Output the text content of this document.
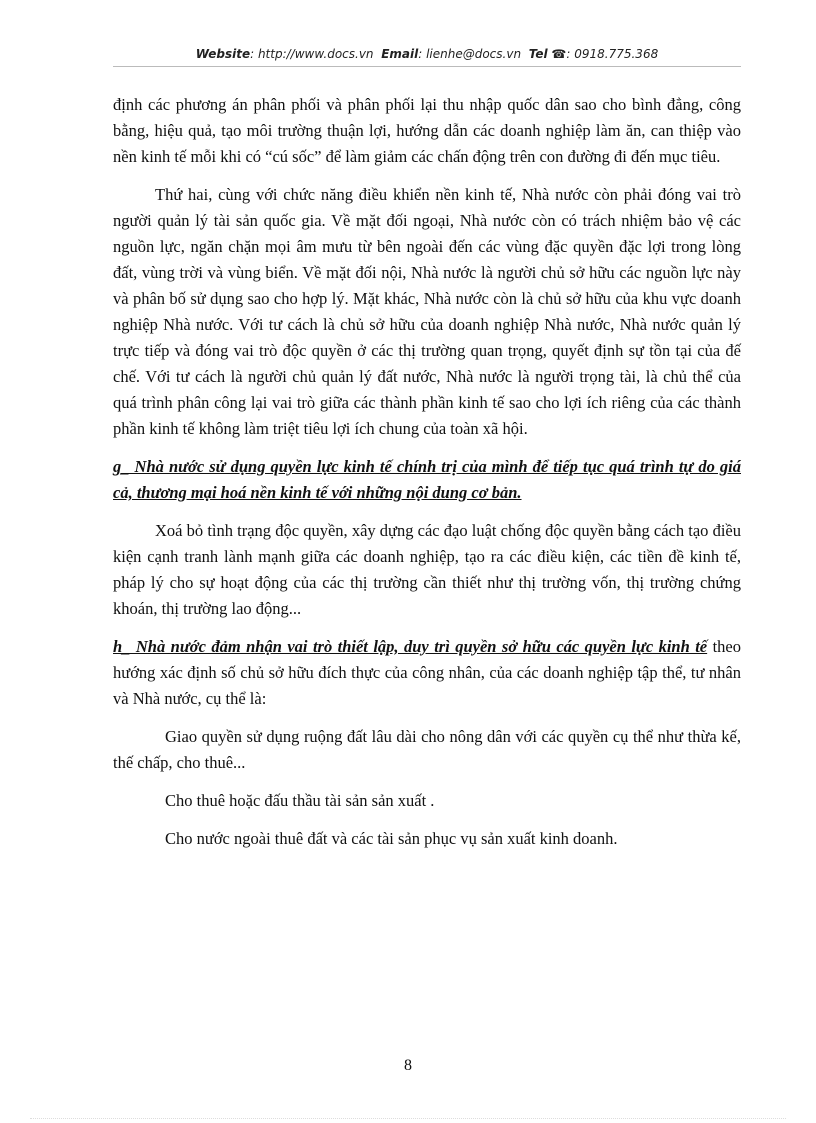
Website: http://www.docs.vn Email: lienhe@docs.vn Tel ☎: 0918.775.368

định các phương án phân phối và phân phối lại thu nhập quốc dân sao cho bình đẳng, công bằng, hiệu quả, tạo môi trường thuận lợi, hướng dẫn các doanh nghiệp làm ăn, can thiệp vào nền kinh tế mỗi khi có “cú sốc” để làm giảm các chấn động trên con đường đi đến mục tiêu.

Thứ hai, cùng với chức năng điều khiển nền kinh tế, Nhà nước còn phải đóng vai trò người quản lý tài sản quốc gia. Về mặt đối ngoại, Nhà nước còn có trách nhiệm bảo vệ các nguồn lực, ngăn chặn mọi âm mưu từ bên ngoài đến các vùng đặc quyền đặc lợi trong lòng đất, vùng trời và vùng biển. Về mặt đối nội, Nhà nước là người chủ sở hữu các nguồn lực này và phân bố sử dụng sao cho hợp lý. Mặt khác, Nhà nước còn là chủ sở hữu của khu vực doanh nghiệp Nhà nước. Với tư cách là chủ sở hữu của doanh nghiệp Nhà nước, Nhà nước quản lý trực tiếp và đóng vai trò độc quyền ở các thị trường quan trọng, quyết định sự tồn tại của đế chế. Với tư cách là người chủ quản lý đất nước, Nhà nước là người trọng tài, là chủ thể của quá trình phân công lại vai trò giữa các thành phần kinh tế sao cho lợi ích riêng của các thành phần kinh tế không làm triệt tiêu lợi ích chung của toàn xã hội.

g_ Nhà nước sử dụng quyền lực kinh tế chính trị của mình để tiếp tục quá trình tự do giá cả, thương mại hoá nền kinh tế với những nội dung cơ bản.

Xoá bỏ tình trạng độc quyền, xây dựng các đạo luật chống độc quyền bằng cách tạo điều kiện cạnh tranh lành mạnh giữa các doanh nghiệp, tạo ra các điều kiện, các tiền đề kinh tế, pháp lý cho sự hoạt động của các thị trường cần thiết như thị trường vốn, thị trường chứng khoán, thị trường lao động...

h_ Nhà nước đảm nhận vai trò thiết lập, duy trì quyền sở hữu các quyền lực kinh tế theo hướng xác định số chủ sở hữu đích thực của công nhân, của các doanh nghiệp tập thể, tư nhân và Nhà nước, cụ thể là:

Giao quyền sử dụng ruộng đất lâu dài cho nông dân với các quyền cụ thể như thừa kế, thế chấp, cho thuê...

Cho thuê hoặc đấu thầu tài sản sản xuất .

Cho nước ngoài thuê đất và các tài sản phục vụ sản xuất kinh doanh.

8
